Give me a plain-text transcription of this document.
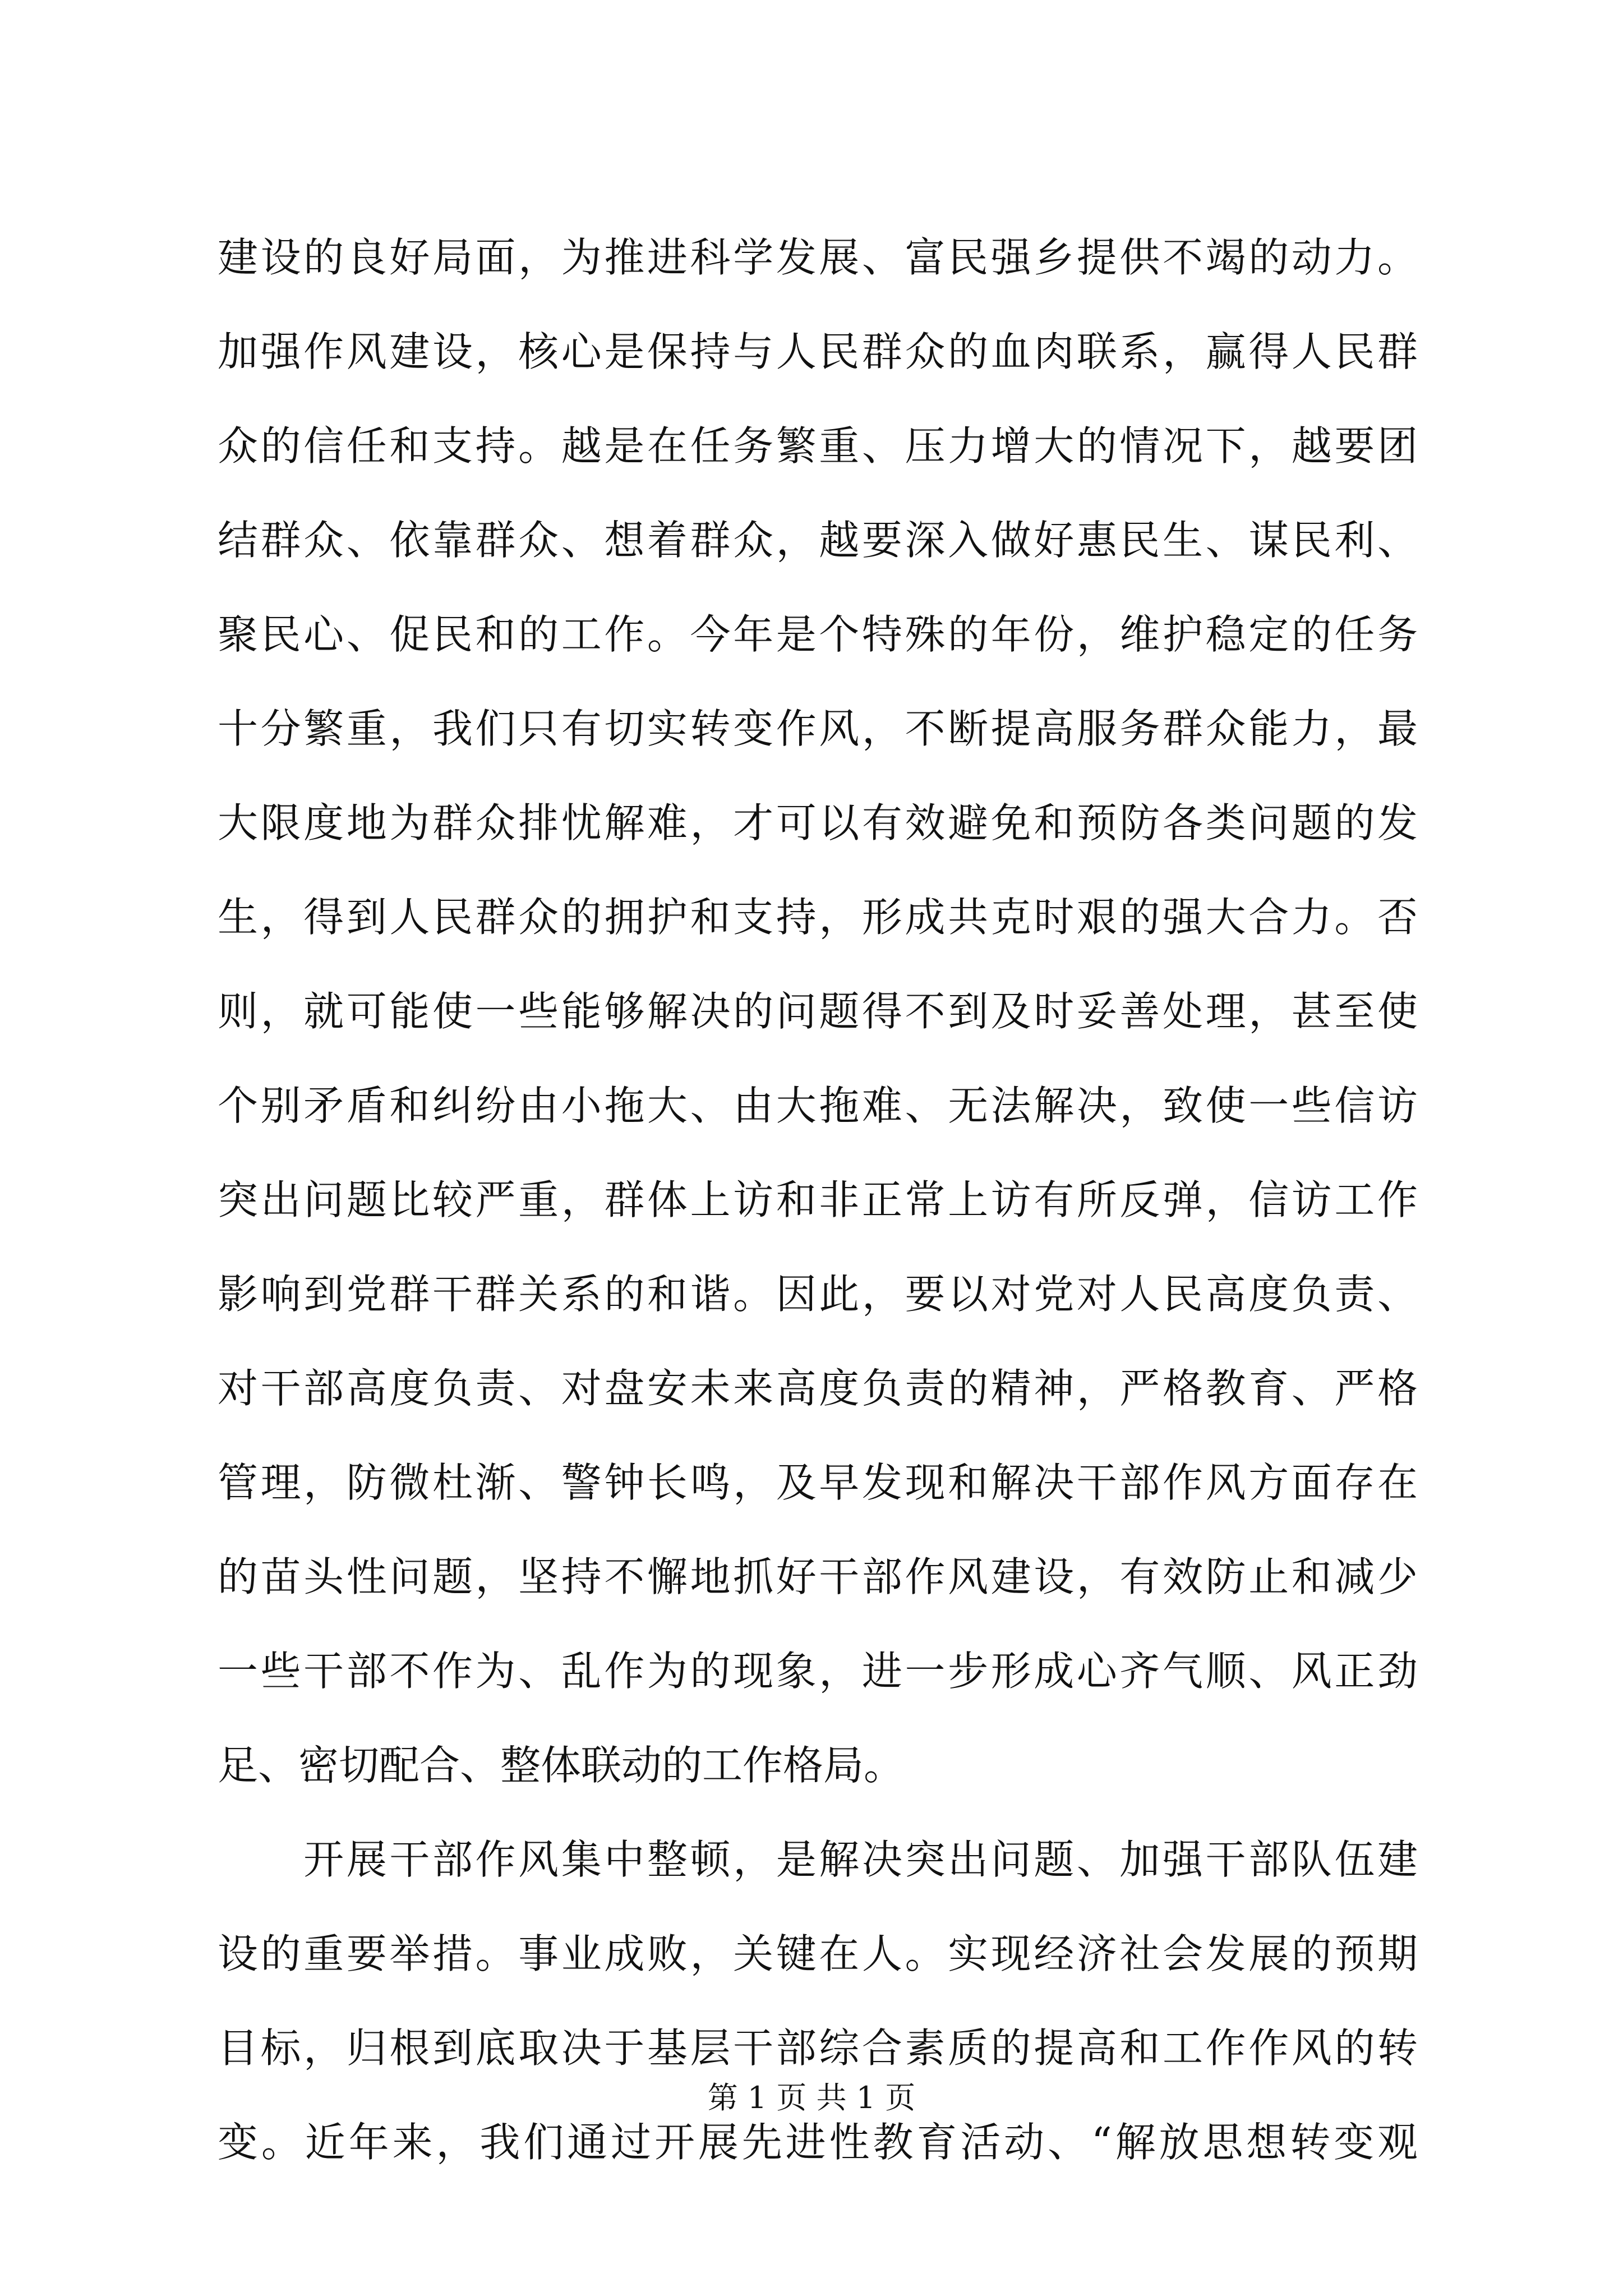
建设的良好局面，为推进科学发展、富民强乡提供不竭的动力。
加强作风建设，核心是保持与人民群众的血肉联系，赢得人民群
众的信任和支持。越是在任务繁重、压力增大的情况下，越要团
结群众、依靠群众、想着群众，越要深入做好惠民生、谋民利、
聚民心、促民和的工作。今年是个特殊的年份，维护稳定的任务
十分繁重，我们只有切实转变作风，不断提高服务群众能力，最
大限度地为群众排忧解难，才可以有效避免和预防各类问题的发
生，得到人民群众的拥护和支持，形成共克时艰的强大合力。否
则，就可能使一些能够解决的问题得不到及时妥善处理，甚至使
个别矛盾和纠纷由小拖大、由大拖难、无法解决，致使一些信访
突出问题比较严重，群体上访和非正常上访有所反弹，信访工作
影响到党群干群关系的和谐。因此，要以对党对人民高度负责、
对干部高度负责、对盘安未来高度负责的精神，严格教育、严格
管理，防微杜渐、警钟长鸣，及早发现和解决干部作风方面存在
的苗头性问题，坚持不懈地抓好干部作风建设，有效防止和减少
一些干部不作为、乱作为的现象，进一步形成心齐气顺、风正劲
足、密切配合、整体联动的工作格局。
　　开展干部作风集中整顿，是解决突出问题、加强干部队伍建
设的重要举措。事业成败，关键在人。实现经济社会发展的预期
目标，归根到底取决于基层干部综合素质的提高和工作作风的转
变。近年来，我们通过开展先进性教育活动、“解放思想转变观
第 1 页 共 1 页
